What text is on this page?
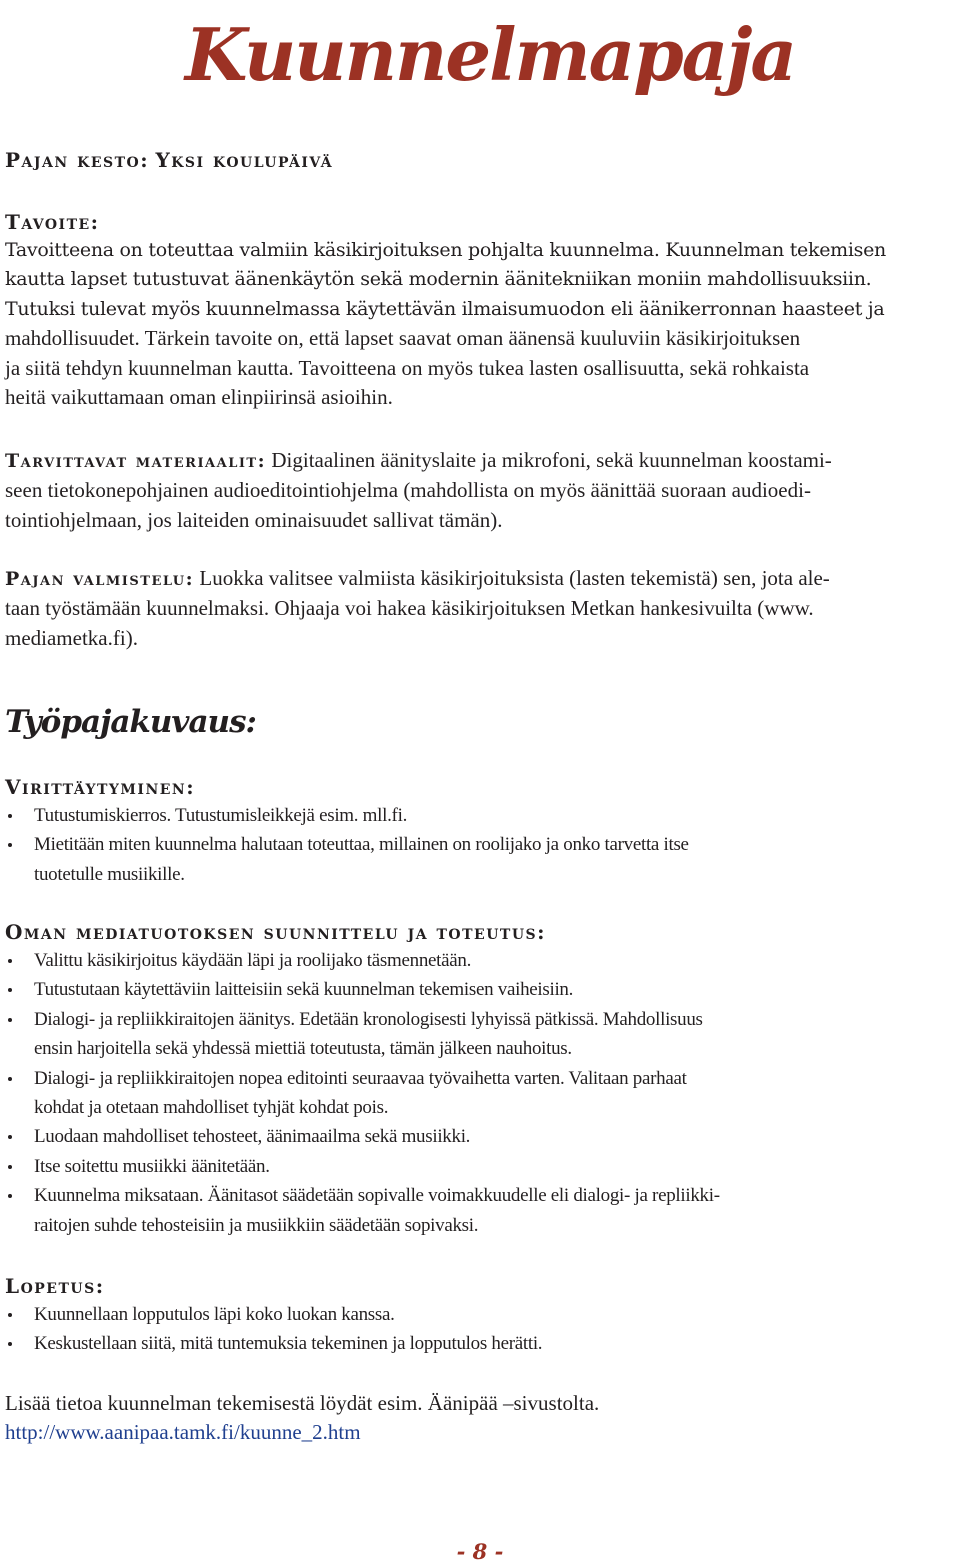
Kuunnelmapaja

Pajan kesto: Yksi koulupäivä

Tavoite:

Tavoitteena on toteuttaa valmiin käsikirjoituksen pohjalta kuunnelma. Kuunnelman tekemisen

kautta lapset tutustuvat äänenkäytön sekä modernin äänitekniikan moniin mahdollisuuksiin.

Tutuksi tulevat myös kuunnelmassa käytettävän ilmaisumuodon eli äänikerronnan haasteet ja

mahdollisuudet. Tärkein tavoite on, että lapset saavat oman äänensä kuuluviin käsikirjoituksen

ja siitä tehdyn kuunnelman kautta. Tavoitteena on myös tukea lasten osallisuutta, sekä rohkaista

heitä vaikuttamaan oman elinpiirinsä asioihin.

Tarvittavat materiaalit: Digitaalinen äänityslaite ja mikrofoni, sekä kuunnelman koostami-

seen tietokonepohjainen audioeditointiohjelma (mahdollista on myös äänittää suoraan audioedi-

tointiohjelmaan, jos laiteiden ominaisuudet sallivat tämän).

Pajan valmistelu: Luokka valitsee valmiista käsikirjoituksista (lasten tekemistä) sen, jota ale-

taan työstämään kuunnelmaksi. Ohjaaja voi hakea käsikirjoituksen Metkan hankesivuilta (www.

mediametka.fi).

Työpajakuvaus:

Virittäytyminen:

Tutustumiskierros. Tutustumisleikkejä esim. mll.fi.
Mietitään miten kuunnelma halutaan toteuttaa, millainen on roolijako ja onko tarvetta itse
tuotetulle musiikille.

Oman mediatuotoksen suunnittelu ja toteutus:

Valittu käsikirjoitus käydään läpi ja roolijako täsmennetään.
Tutustutaan käytettäviin laitteisiin sekä kuunnelman tekemisen vaiheisiin.
Dialogi- ja repliikkiraitojen äänitys. Edetään kronologisesti lyhyissä pätkissä. Mahdollisuus
ensin harjoitella sekä yhdessä miettiä toteutusta, tämän jälkeen nauhoitus.
Dialogi- ja repliikkiraitojen nopea editointi seuraavaa työvaihetta varten. Valitaan parhaat
kohdat ja otetaan mahdolliset tyhjät kohdat pois.
Luodaan mahdolliset tehosteet, äänimaailma sekä musiikki.
Itse soitettu musiikki äänitetään.
Kuunnelma miksataan. Äänitasot säädetään sopivalle voimakkuudelle eli dialogi- ja repliikki-
raitojen suhde tehosteisiin ja musiikkiin säädetään sopivaksi.

Lopetus:

Kuunnellaan lopputulos läpi koko luokan kanssa.
Keskustellaan siitä, mitä tuntemuksia tekeminen ja lopputulos herätti.

Lisää tietoa kuunnelman tekemisestä löydät esim. Äänipää –sivustolta.

http://www.aanipaa.tamk.fi/kuunne_2.htm

- 8 -
